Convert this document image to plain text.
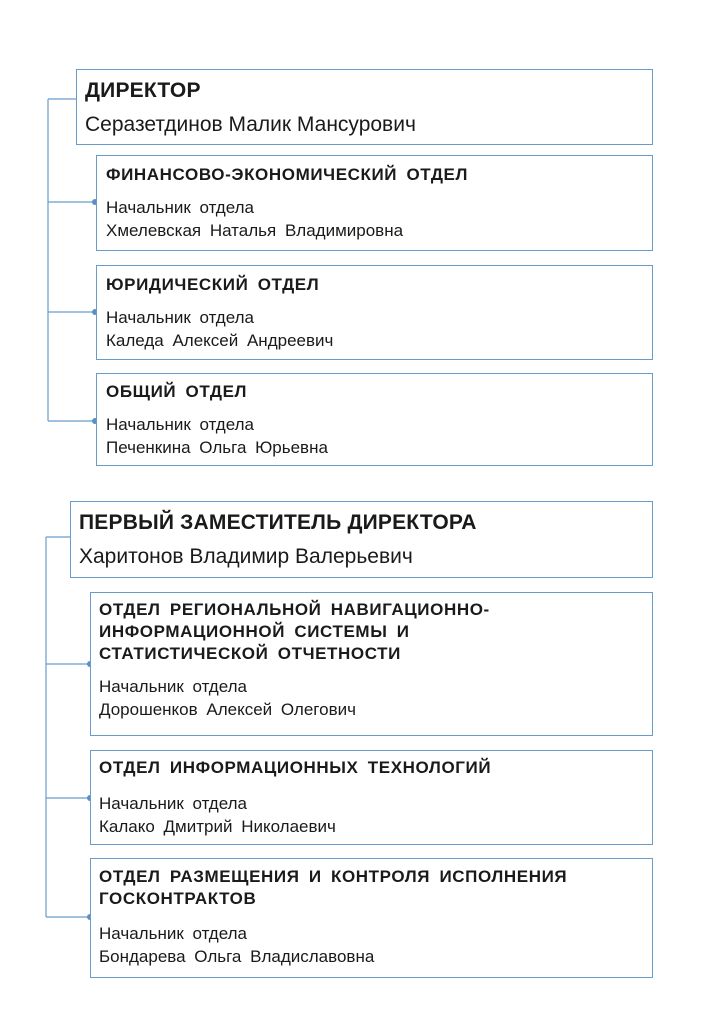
ДИРЕКТОР
Серазетдинов Малик Мансурович
ФИНАНСОВО-ЭКОНОМИЧЕСКИЙ ОТДЕЛ
Начальник отдела
Хмелевская Наталья Владимировна
ЮРИДИЧЕСКИЙ ОТДЕЛ
Начальник отдела
Каледа Алексей Андреевич
ОБЩИЙ ОТДЕЛ
Начальник отдела
Печенкина Ольга Юрьевна
ПЕРВЫЙ ЗАМЕСТИТЕЛЬ ДИРЕКТОРА
Харитонов Владимир Валерьевич
ОТДЕЛ РЕГИОНАЛЬНОЙ НАВИГАЦИОННО-
ИНФОРМАЦИОННОЙ СИСТЕМЫ И
СТАТИСТИЧЕСКОЙ ОТЧЕТНОСТИ
Начальник отдела
Дорошенков Алексей Олегович
ОТДЕЛ ИНФОРМАЦИОННЫХ ТЕХНОЛОГИЙ
Начальник отдела
Калако Дмитрий Николаевич
ОТДЕЛ РАЗМЕЩЕНИЯ И КОНТРОЛЯ ИСПОЛНЕНИЯ
ГОСКОНТРАКТОВ
Начальник отдела
Бондарева Ольга Владиславовна
